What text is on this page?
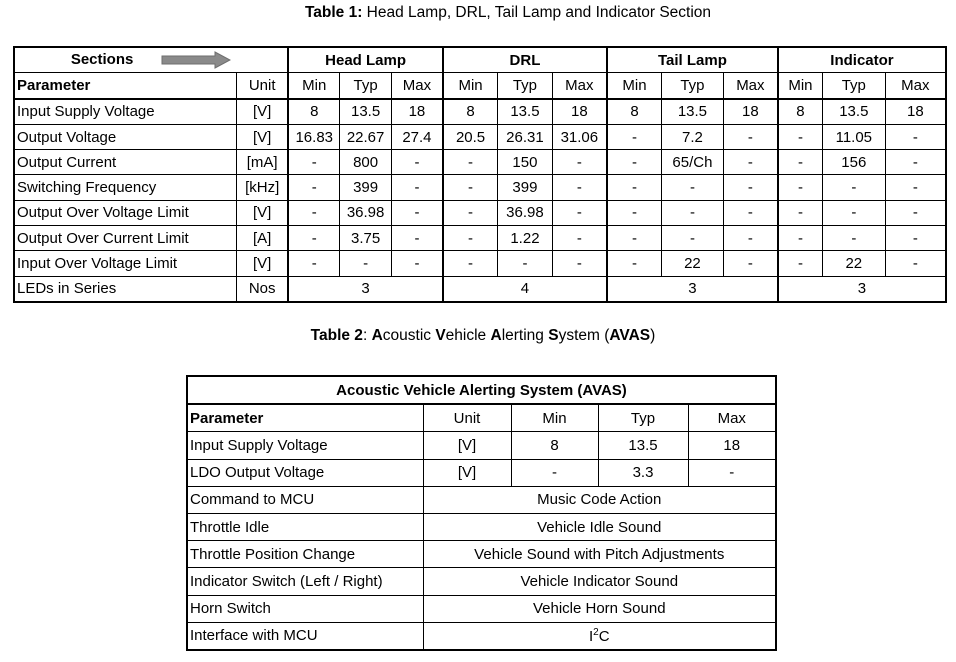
Table 1: Head Lamp, DRL, Tail Lamp and Indicator Section
Sections		Head Lamp			DRL			Tail Lamp			Indicator		
Parameter	Unit	Min	Typ	Max	Min	Typ	Max	Min	Typ	Max	Min	Typ	Max
Input Supply Voltage	[V]	8	13.5	18	8	13.5	18	8	13.5	18	8	13.5	18
Output Voltage	[V]	16.83	22.67	27.4	20.5	26.31	31.06	-	7.2	-	-	11.05	-
Output Current	[mA]	-	800	-	-	150	-	-	65/Ch	-	-	156	-
Switching Frequency	[kHz]	-	399	-	-	399	-	-	-	-	-	-	-
Output Over Voltage Limit	[V]	-	36.98	-	-	36.98	-	-	-	-	-	-	-
Output Over Current Limit	[A]	-	3.75	-	-	1.22	-	-	-	-	-	-	-
Input Over Voltage Limit	[V]	-	-	-	-	-	-	-	22	-	-	22	-
LEDs in Series	Nos	3			4			3			3		
Table 2: Acoustic Vehicle Alerting System (AVAS)
Acoustic Vehicle Alerting System (AVAS)				
Parameter	Unit	Min	Typ	Max
Input Supply Voltage	[V]	8	13.5	18
LDO Output Voltage	[V]	-	3.3	-
Command to MCU	Music Code Action			
Throttle Idle	Vehicle Idle Sound			
Throttle Position Change	Vehicle Sound with Pitch Adjustments			
Indicator Switch (Left / Right)	Vehicle Indicator Sound			
Horn Switch	Vehicle Horn Sound			
Interface with MCU	$I^2C$			
